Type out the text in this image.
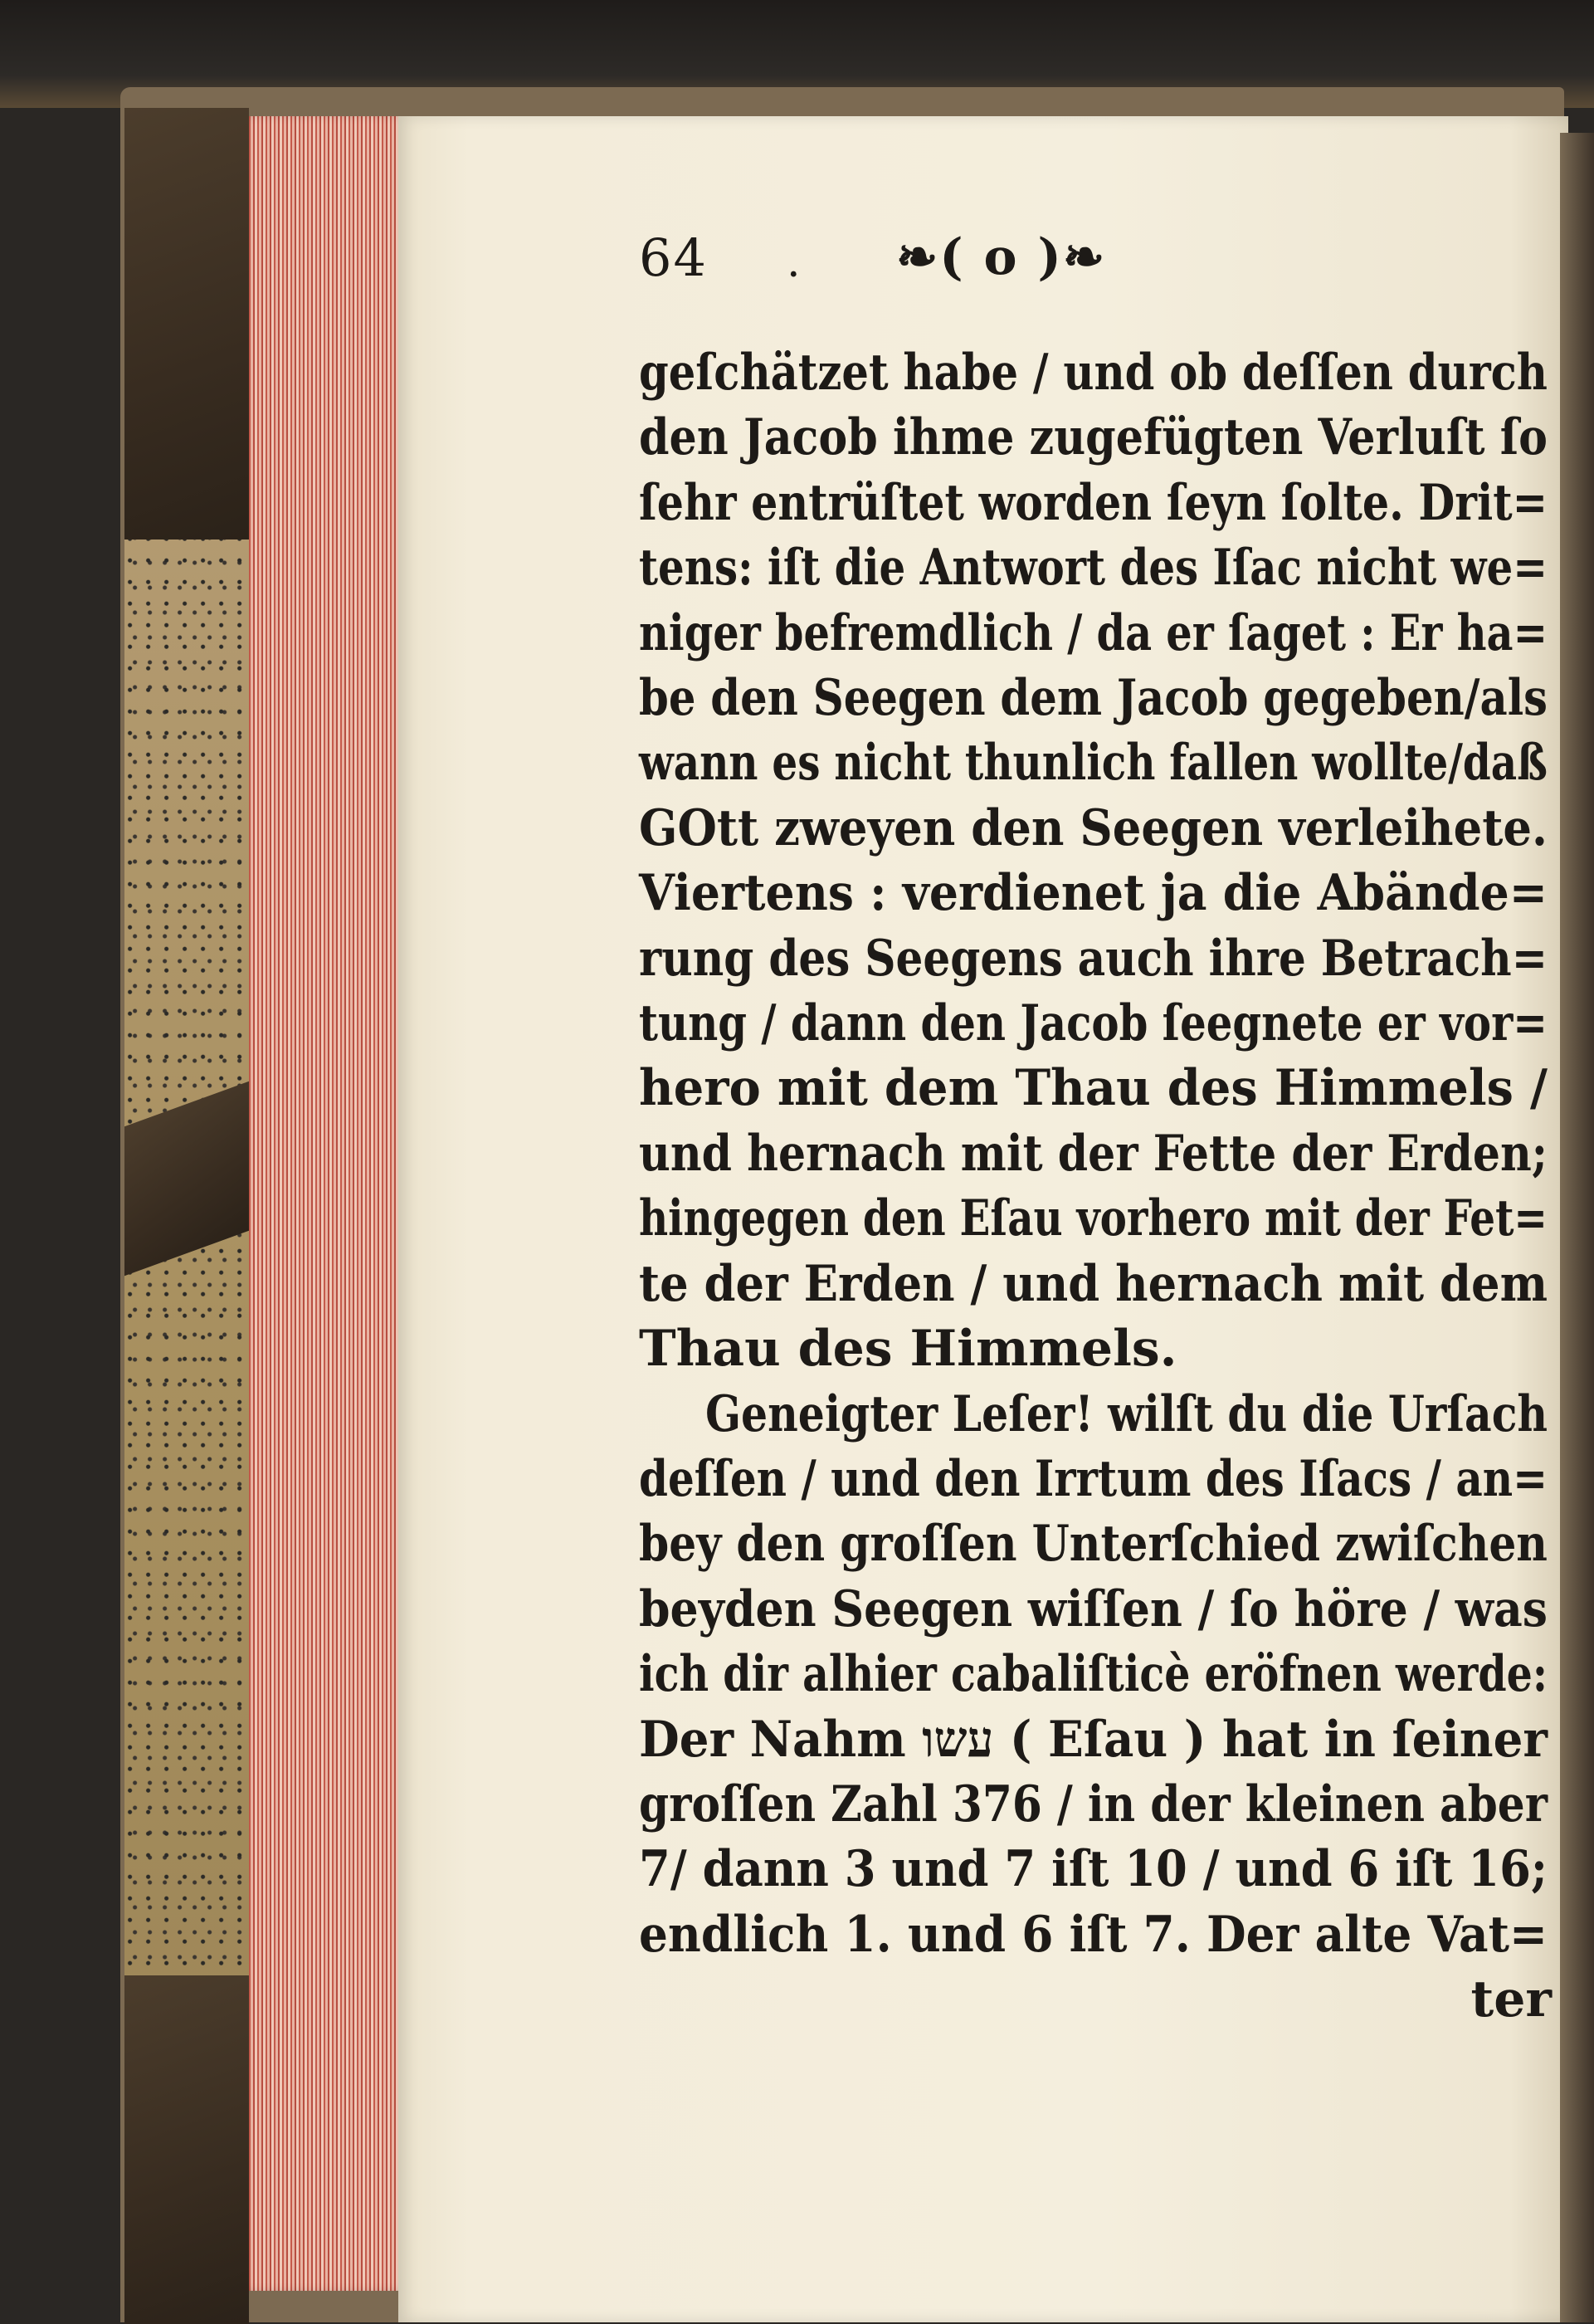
64 . ❧( o )❧
geſchätzet habe / und ob deſſen durch
den Jacob ihme zugefügten Verluſt ſo
ſehr entrüſtet worden ſeyn ſolte. Drit=
tens: iſt die Antwort des Iſac nicht we=
niger befremdlich / da er ſaget : Er ha=
be den Seegen dem Jacob gegeben/als
wann es nicht thunlich fallen wollte/daß
GOtt zweyen den Seegen verleihete.
Viertens : verdienet ja die Abände=
rung des Seegens auch ihre Betrach=
tung / dann den Jacob ſeegnete er vor=
hero mit dem Thau des Himmels /
und hernach mit der Fette der Erden;
hingegen den Eſau vorhero mit der Fet=
te der Erden / und hernach mit dem
Thau des Himmels.
Geneigter Leſer! wilſt du die Urſach
deſſen / und den Irrtum des Iſacs / an=
bey den groſſen Unterſchied zwiſchen
beyden Seegen wiſſen / ſo höre / was
ich dir alhier cabaliſticè eröfnen werde:
Der Nahm עשו ( Eſau ) hat in ſeiner
groſſen Zahl 376 / in der kleinen aber
7/ dann 3 und 7 iſt 10 / und 6 iſt 16;
endlich 1. und 6 iſt 7. Der alte Vat=
ter
